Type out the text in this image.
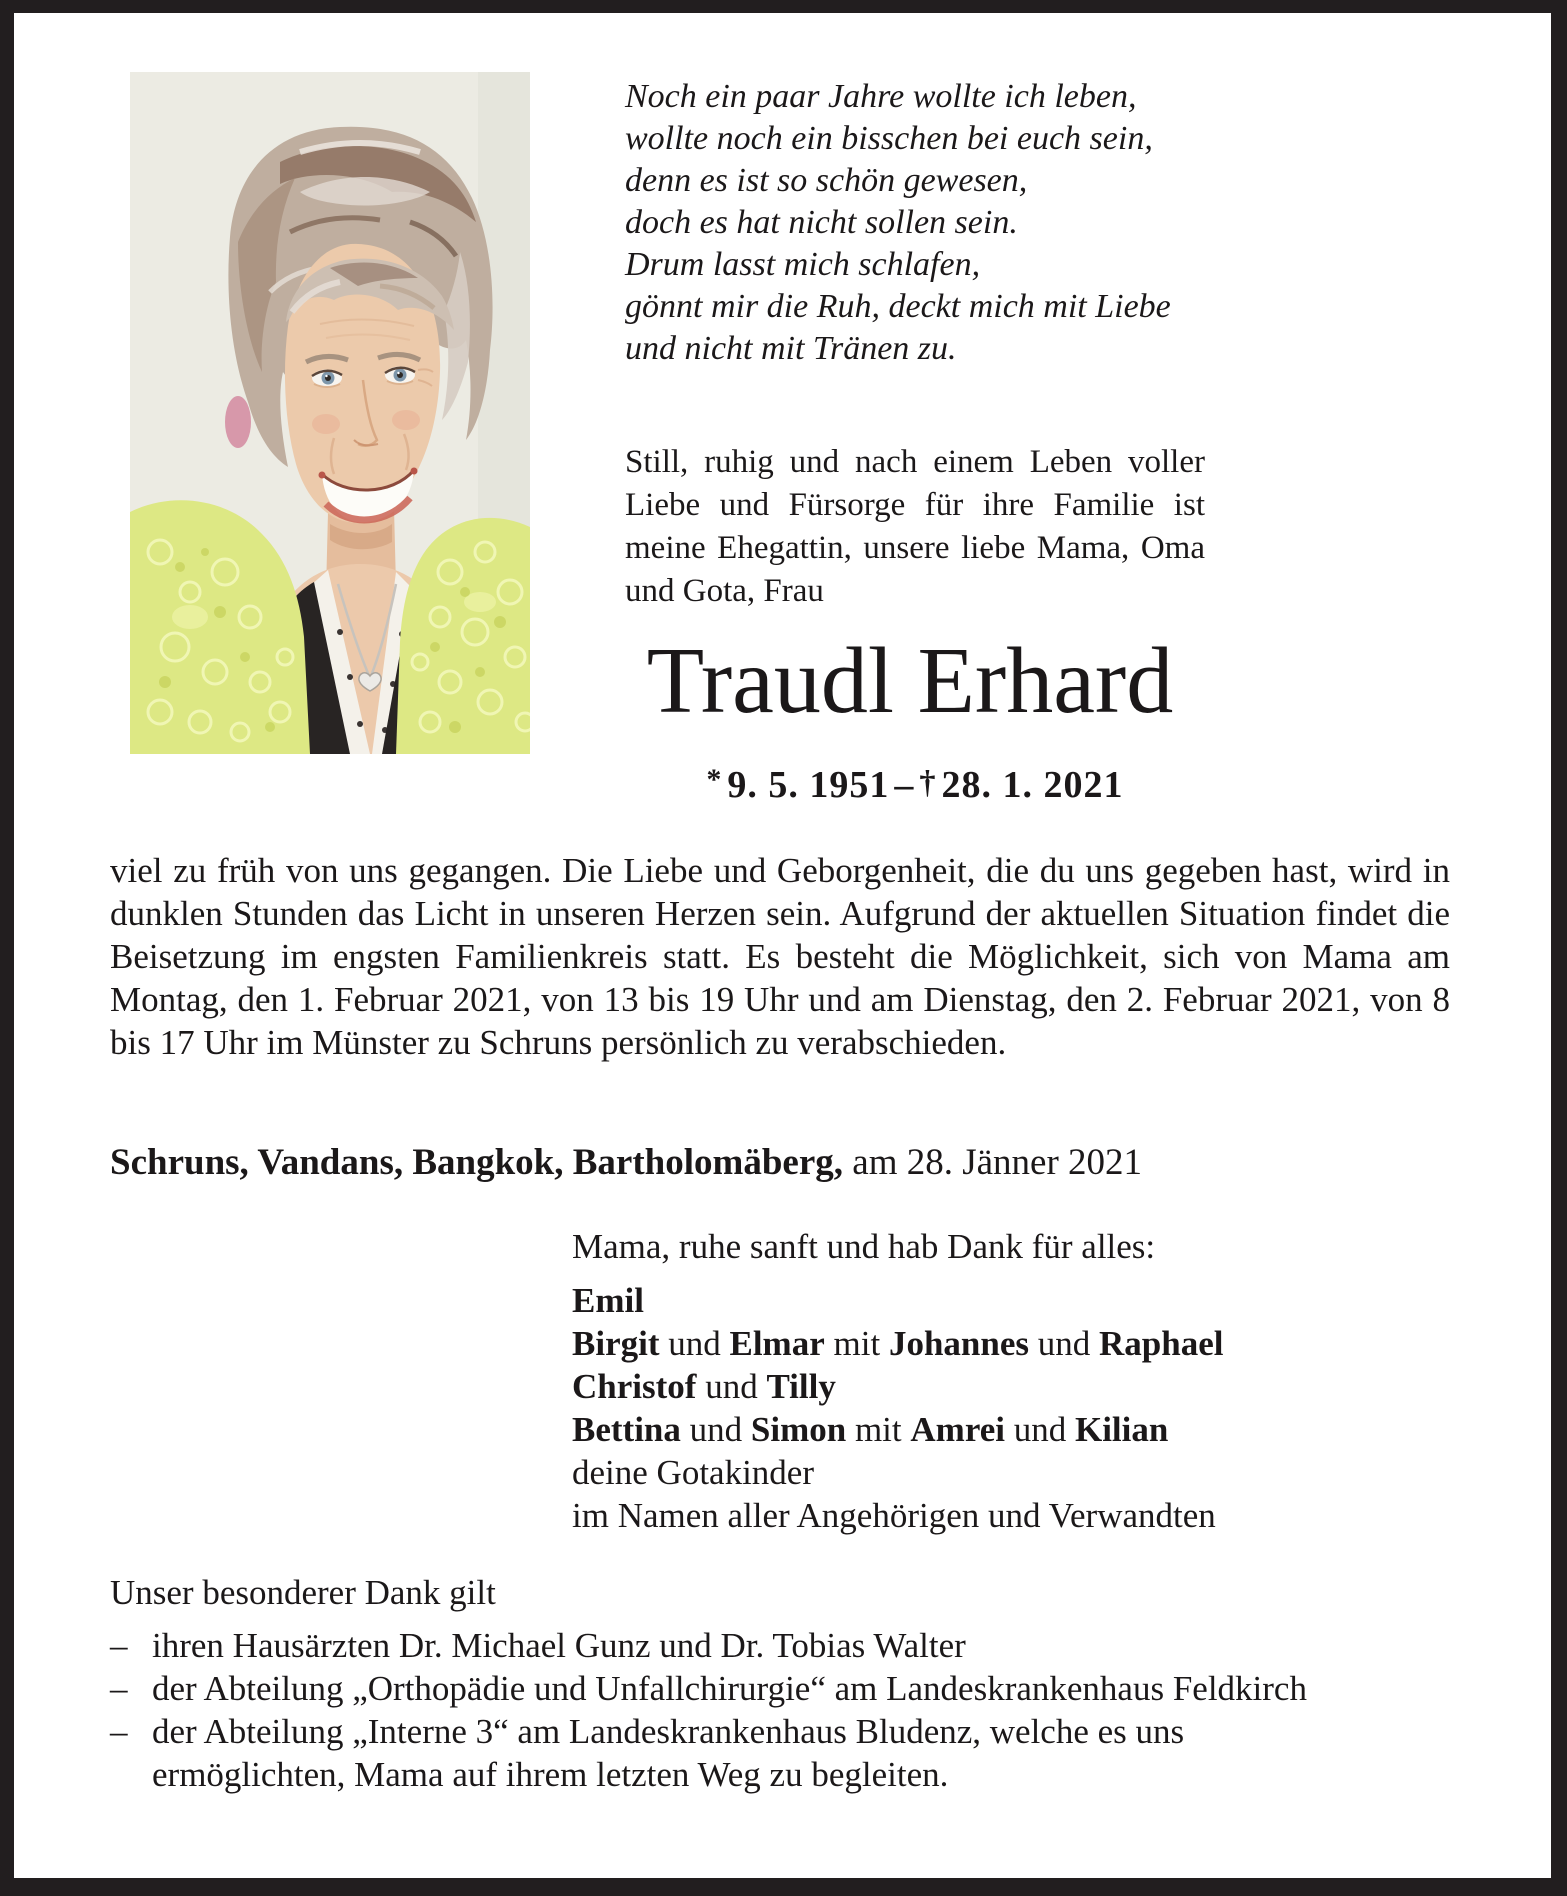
Noch ein paar Jahre wollte ich leben,
wollte noch ein bisschen bei euch sein,
denn es ist so schön gewesen,
doch es hat nicht sollen sein.
Drum lasst mich schlafen,
gönnt mir die Ruh, deckt mich mit Liebe
und nicht mit Tränen zu.

Still, ruhig und nach einem Leben voller Liebe und Fürsorge für ihre Familie ist meine Ehegattin, unsere liebe Mama, Oma und Gota, Frau

Traudl Erhard
* 9. 5. 1951 – † 28. 1. 2021

viel zu früh von uns gegangen. Die Liebe und Geborgenheit, die du uns gegeben hast, wird in dunklen Stunden das Licht in unseren Herzen sein. Aufgrund der aktuellen Situation findet die Beisetzung im engsten Familienkreis statt. Es besteht die Möglichkeit, sich von Mama am Montag, den 1. Februar 2021, von 13 bis 19 Uhr und am Dienstag, den 2. Februar 2021, von 8 bis 17 Uhr im Münster zu Schruns persönlich zu verabschieden.

Schruns, Vandans, Bangkok, Bartholomäberg, am 28. Jänner 2021

Mama, ruhe sanft und hab Dank für alles:
Emil
Birgit und Elmar mit Johannes und Raphael
Christof und Tilly
Bettina und Simon mit Amrei und Kilian
deine Gotakinder
im Namen aller Angehörigen und Verwandten
Unser besonderer Dank gilt
– ihren Hausärzten Dr. Michael Gunz und Dr. Tobias Walter
– der Abteilung „Orthopädie und Unfallchirurgie“ am Landeskrankenhaus Feldkirch
– der Abteilung „Interne 3“ am Landeskrankenhaus Bludenz, welche es uns ermöglichten, Mama auf ihrem letzten Weg zu begleiten.
